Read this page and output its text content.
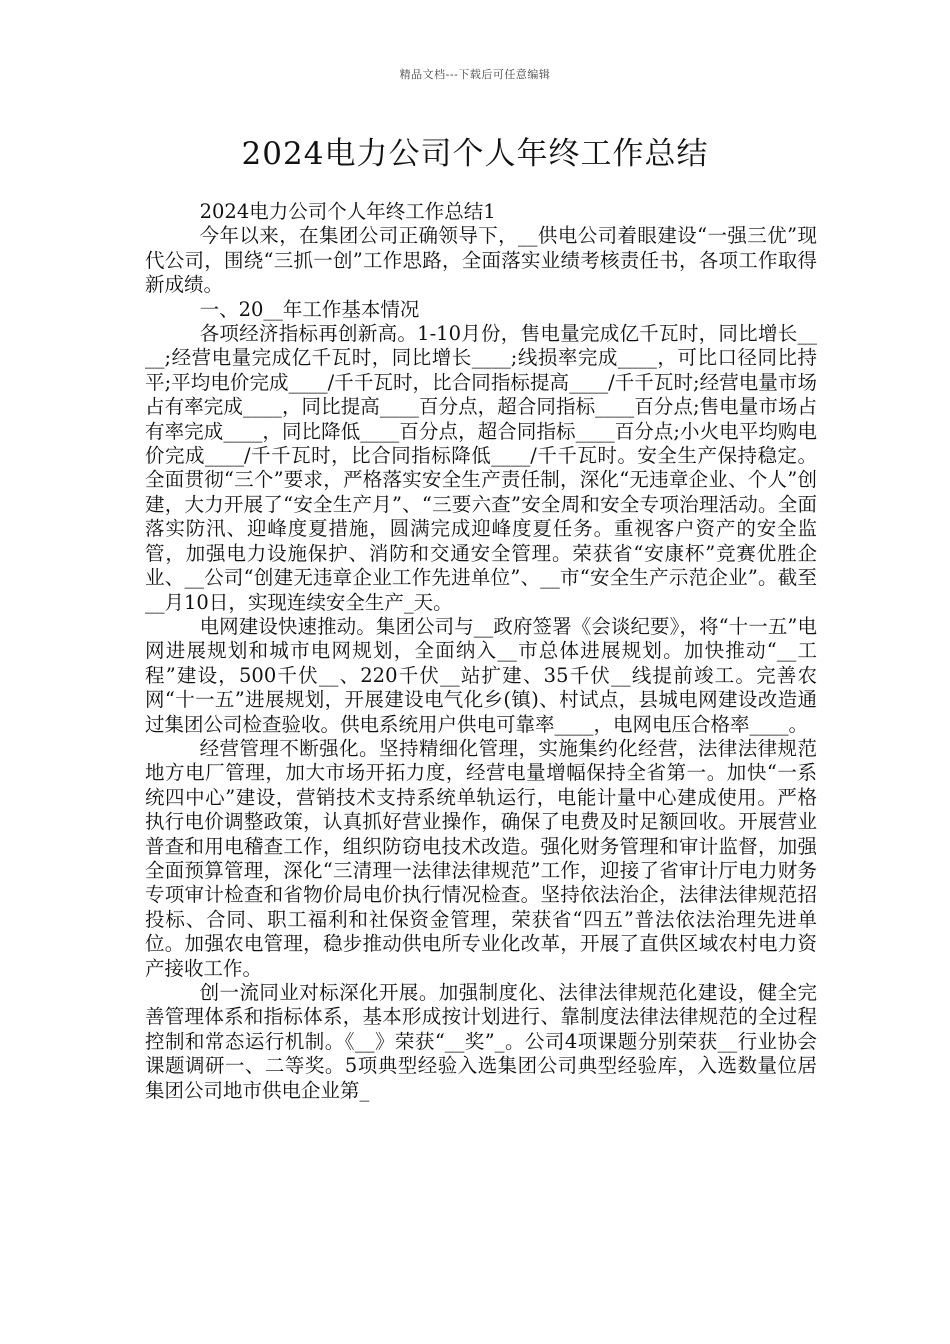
精品文档---下载后可任意编辑
2024电力公司个人年终工作总结

2024电力公司个人年终工作总结1

今年以来，在集团公司正确领导下，__供电公司着眼建设“一强三优”现代公司，围绕“三抓一创”工作思路，全面落实业绩考核责任书，各项工作取得新成绩。

一、20__年工作基本情况

各项经济指标再创新高。1-10月份，售电量完成亿千瓦时，同比增长____;经营电量完成亿千瓦时，同比增长____;线损率完成____，可比口径同比持平;平均电价完成____/千千瓦时，比合同指标提高____/千千瓦时;经营电量市场占有率完成____，同比提高____百分点，超合同指标____百分点;售电量市场占有率完成____，同比降低____百分点，超合同指标____百分点;小火电平均购电价完成____/千千瓦时，比合同指标降低____/千千瓦时。安全生产保持稳定。全面贯彻“三个”要求，严格落实安全生产责任制，深化“无违章企业、个人”创建，大力开展了“安全生产月”、“三要六查”安全周和安全专项治理活动。全面落实防汛、迎峰度夏措施，圆满完成迎峰度夏任务。重视客户资产的安全监管，加强电力设施保护、消防和交通安全管理。荣获省“安康杯”竞赛优胜企业、__公司“创建无违章企业工作先进单位”、__市“安全生产示范企业”。截至__月10日，实现连续安全生产_天。

电网建设快速推动。集团公司与__政府签署《会谈纪要》，将“十一五”电网进展规划和城市电网规划，全面纳入__市总体进展规划。加快推动“__工程”建设，500千伏__、220千伏__站扩建、35千伏__线提前竣工。完善农网“十一五”进展规划，开展建设电气化乡(镇)、村试点，县城电网建设改造通过集团公司检查验收。供电系统用户供电可靠率____，电网电压合格率____。

经营管理不断强化。坚持精细化管理，实施集约化经营，法律法律规范地方电厂管理，加大市场开拓力度，经营电量增幅保持全省第一。加快“一系统四中心”建设，营销技术支持系统单轨运行，电能计量中心建成使用。严格执行电价调整政策，认真抓好营业操作，确保了电费及时足额回收。开展营业普查和用电稽查工作，组织防窃电技术改造。强化财务管理和审计监督，加强全面预算管理，深化“三清理一法律法律规范”工作，迎接了省审计厅电力财务专项审计检查和省物价局电价执行情况检查。坚持依法治企，法律法律规范招投标、合同、职工福利和社保资金管理，荣获省“四五”普法依法治理先进单位。加强农电管理，稳步推动供电所专业化改革，开展了直供区域农村电力资产接收工作。

创一流同业对标深化开展。加强制度化、法律法律规范化建设，健全完善管理体系和指标体系，基本形成按计划进行、靠制度法律法律规范的全过程控制和常态运行机制。《__》荣获“__奖”_。公司4项课题分别荣获__行业协会课题调研一、二等奖。5项典型经验入选集团公司典型经验库，入选数量位居集团公司地市供电企业第_
